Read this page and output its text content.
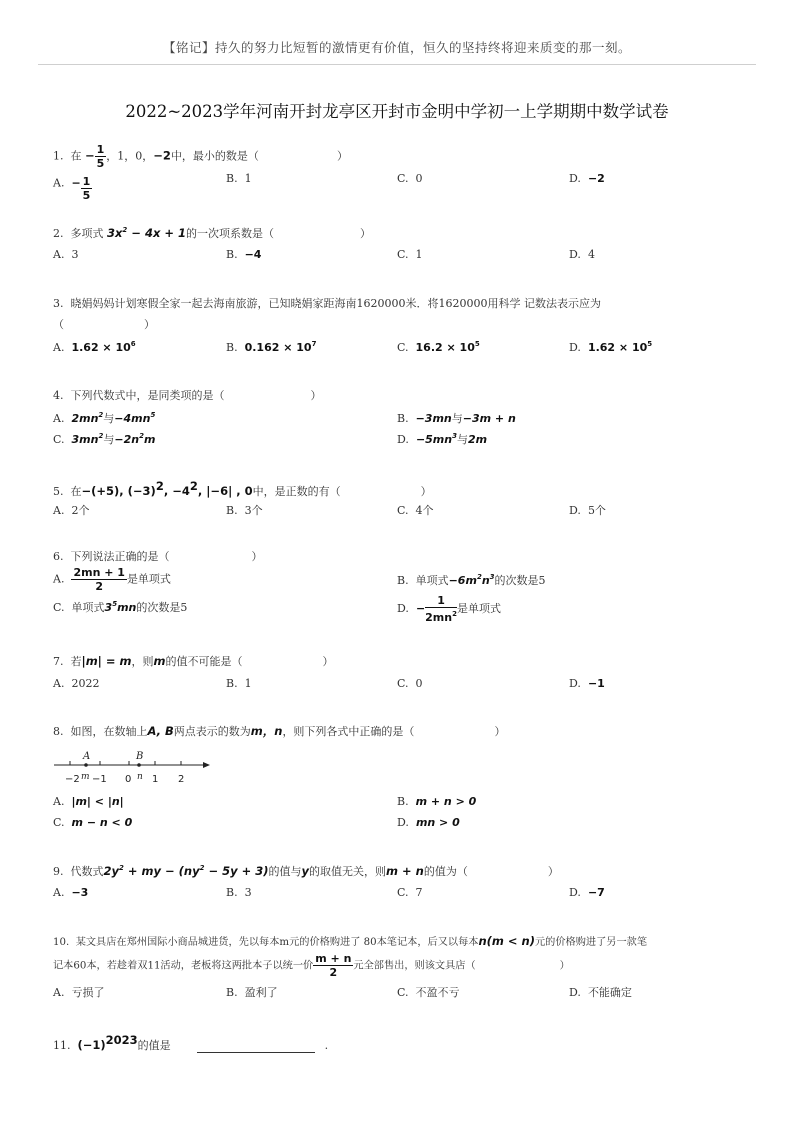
【铭记】持久的努力比短暂的激情更有价值，恒久的坚持终将迎来质变的那一刻。
2022~2023学年河南开封龙亭区开封市金明中学初一上学期期中数学试卷
1. 在 − $\frac{1}{5}$ ，1，0，−2中，最小的数是（	）
A. − $\frac{1}{5}$	B. 1	C. 0	D. −2
2. 多项式 $3x^2 - 4x + 1$的一次项系数是（	）
A. 3	B. −4	C. 1	D. 4
3. 晓娟妈妈计划寒假全家一起去海南旅游，已知晓娟家距海南1620000米．将1620000用科学 记数法表示应为
（	）
A. $1.62 \times 10^6$	B. $0.162 \times 10^7$	C. $16.2 \times 10^5$	D. $1.62 \times 10^5$
4. 下列代数式中，是同类项的是（	）
A. $2mn^2$与$-4mn^5$	B. −3mn与−3m + n
C. $3mn^2$与$-2n^2m$	D. $-5mn^3$与2m
5. 在−(+5), $(-3)^2$, $-4^2$, |−6| , 0中，是正数的有（	）
A. 2个	B. 3个	C. 4个	D. 5个
6. 下列说法正确的是（	）
A. $\frac{2mn + 1}{2}$ 是单项式	B. 单项式$-6m^2n^3$的次数是5
C. 单项式$3^5mn$的次数是5	D. − $\frac{1}{2mn^2}$ 是单项式
7. 若|m| = m，则m的值不可能是（	）
A. 2022	B. 1	C. 0	D. −1
8. 如图，在数轴上A, B两点表示的数为m，n，则下列各式中正确的是（	）
A	B
−2 m −1 0 n 1 2
A. |m| < |n|	B. m + n > 0
C. m − n < 0	D. mn > 0
9. 代数式$2y^2$ + my − $(ny^2 - 5y + 3)$的值与y的取值无关，则m + n的值为（	）
A. −3	B. 3	C. 7	D. −7
10. 某文具店在郑州国际小商品城进货，先以每本m元的价格购进了 80本笔记本，后又以每本n(m < n)元的价格购进了另一款笔
记本60本，若趁着双11活动，老板将这两批本子以统一价 $\frac{m + n}{2}$ 元全部售出，则该文具店（	）
A. 亏损了	B. 盈利了	C. 不盈不亏	D. 不能确定
11. $(-1)^{2023}$的值是	.
